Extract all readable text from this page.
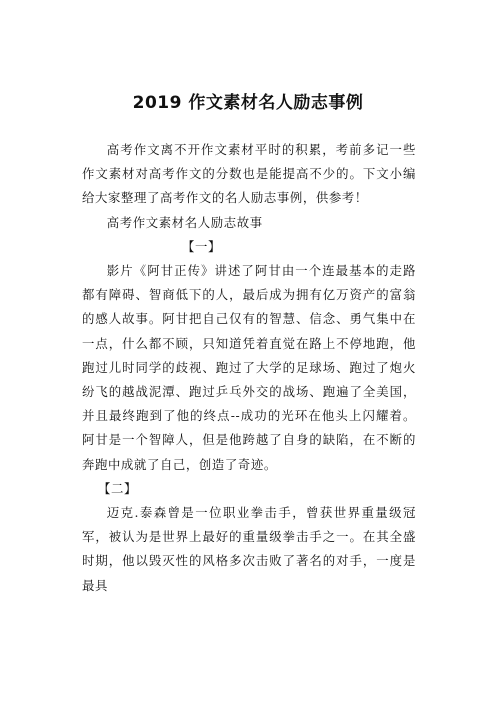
2019 作文素材名人励志事例

高考作文离不开作文素材平时的积累，考前多记一些作文素材对高考作文的分数也是能提高不少的。下文小编给大家整理了高考作文的名人励志事例，供参考！

高考作文素材名人励志故事

【一】

影片《阿甘正传》讲述了阿甘由一个连最基本的走路都有障碍、智商低下的人，最后成为拥有亿万资产的富翁的感人故事。阿甘把自己仅有的智慧、信念、勇气集中在一点，什么都不顾，只知道凭着直觉在路上不停地跑，他跑过儿时同学的歧视、跑过了大学的足球场、跑过了炮火纷飞的越战泥潭、跑过乒乓外交的战场、跑遍了全美国，并且最终跑到了他的终点--成功的光环在他头上闪耀着。阿甘是一个智障人，但是他跨越了自身的缺陷，在不断的奔跑中成就了自己，创造了奇迹。

【二】

迈克.泰森曾是一位职业拳击手，曾获世界重量级冠军，被认为是世界上最好的重量级拳击手之一。在其全盛时期，他以毁灭性的风格多次击败了著名的对手，一度是最具
